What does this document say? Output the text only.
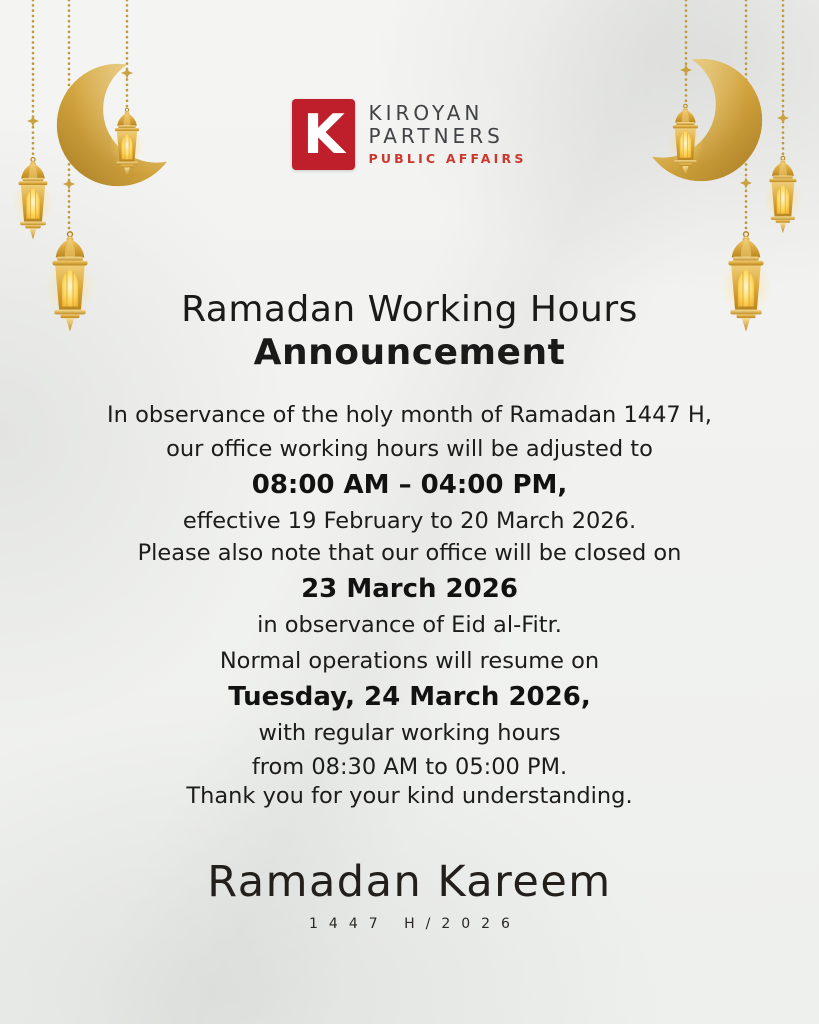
K KIROYAN
PARTNERS
PUBLIC AFFAIRS
Ramadan Working Hours
Announcement
In observance of the holy month of Ramadan 1447 H,
our office working hours will be adjusted to
08:00 AM – 04:00 PM,
effective 19 February to 20 March 2026.
Please also note that our office will be closed on
23 March 2026
in observance of Eid al-Fitr.
Normal operations will resume on
Tuesday, 24 March 2026,
with regular working hours
from 08:30 AM to 05:00 PM.
Thank you for your kind understanding.
Ramadan Kareem
1447 H/2026
